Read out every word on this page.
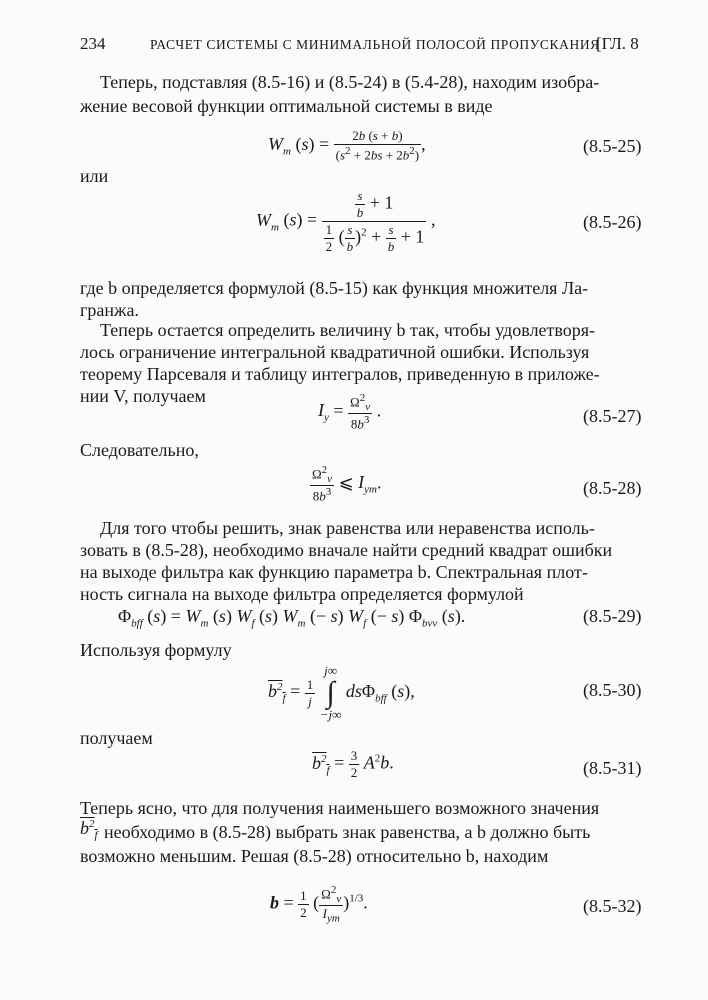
234	РАСЧЕТ СИСТЕМЫ С МИНИМАЛЬНОЙ ПОЛОСОЙ ПРОПУСКАНИЯ
[ГЛ. 8
Теперь, подставляя (8.5-16) и (8.5-24) в (5.4-28), находим изобра-
жение весовой функции оптимальной системы в виде
$W_m$ $(s) = \frac{2b (s + b)}{(s^2 + 2bs + 2b^2)}$ ,	(8.5-25)
или
$W_m$ $(s) = \frac{\frac{s}{b} + 1}{\frac{1}{2} ( \frac{s}{b} )^2 + \frac{s}{b} + 1}$ ,	(8.5-26)
где b определяется формулой (8.5-15) как функция множителя Ла-
гранжа.
Теперь остается определить величину b так, чтобы удовлетворя-
лось ограничение интегральной квадратичной ошибки. Используя
теорему Парсеваля и таблицу интегралов, приведенную в приложе-
нии V, получаем
$I_y = \frac{\Omega^2_v}{8b^3}$ .	(8.5-27)
Следовательно,
$\frac{\Omega^2_v}{8b^3}$ ⩽ $I_{ym}$.	(8.5-28)
Для того чтобы решить, знак равенства или неравенства исполь-
зовать в (8.5-28), необходимо вначале найти средний квадрат ошибки
на выходе фильтра как функцию параметра b. Спектральная плот-
ность сигнала на выходе фильтра определяется формулой
$\Phi_{bff}$ $(s) = W_m$ (s) $W_f$ (s) $W_m$ (− s) $W_f$ (− s) $\Phi_{bvv}$ (s).	(8.5-29)
Используя формулу
$b^2_f = \frac{1}{j}$

j∞
∫
−j∞
dsΦ$_{bff}$ (s),	(8.5-30)
получаем
$b^2_f = \frac{3}{2} A^2b$.	(8.5-31)
Теперь ясно, что для получения наименьшего возможного значения
$b^2_f$ необходимо в (8.5-28) выбрать знак равенства, а b должно быть
возможно меньшим. Решая (8.5-28) относительно b, находим
$b = \frac{1}{2}$ ( $\frac{\Omega^2_v}{I_{ym}} )^{1/3}$.	(8.5-32)
